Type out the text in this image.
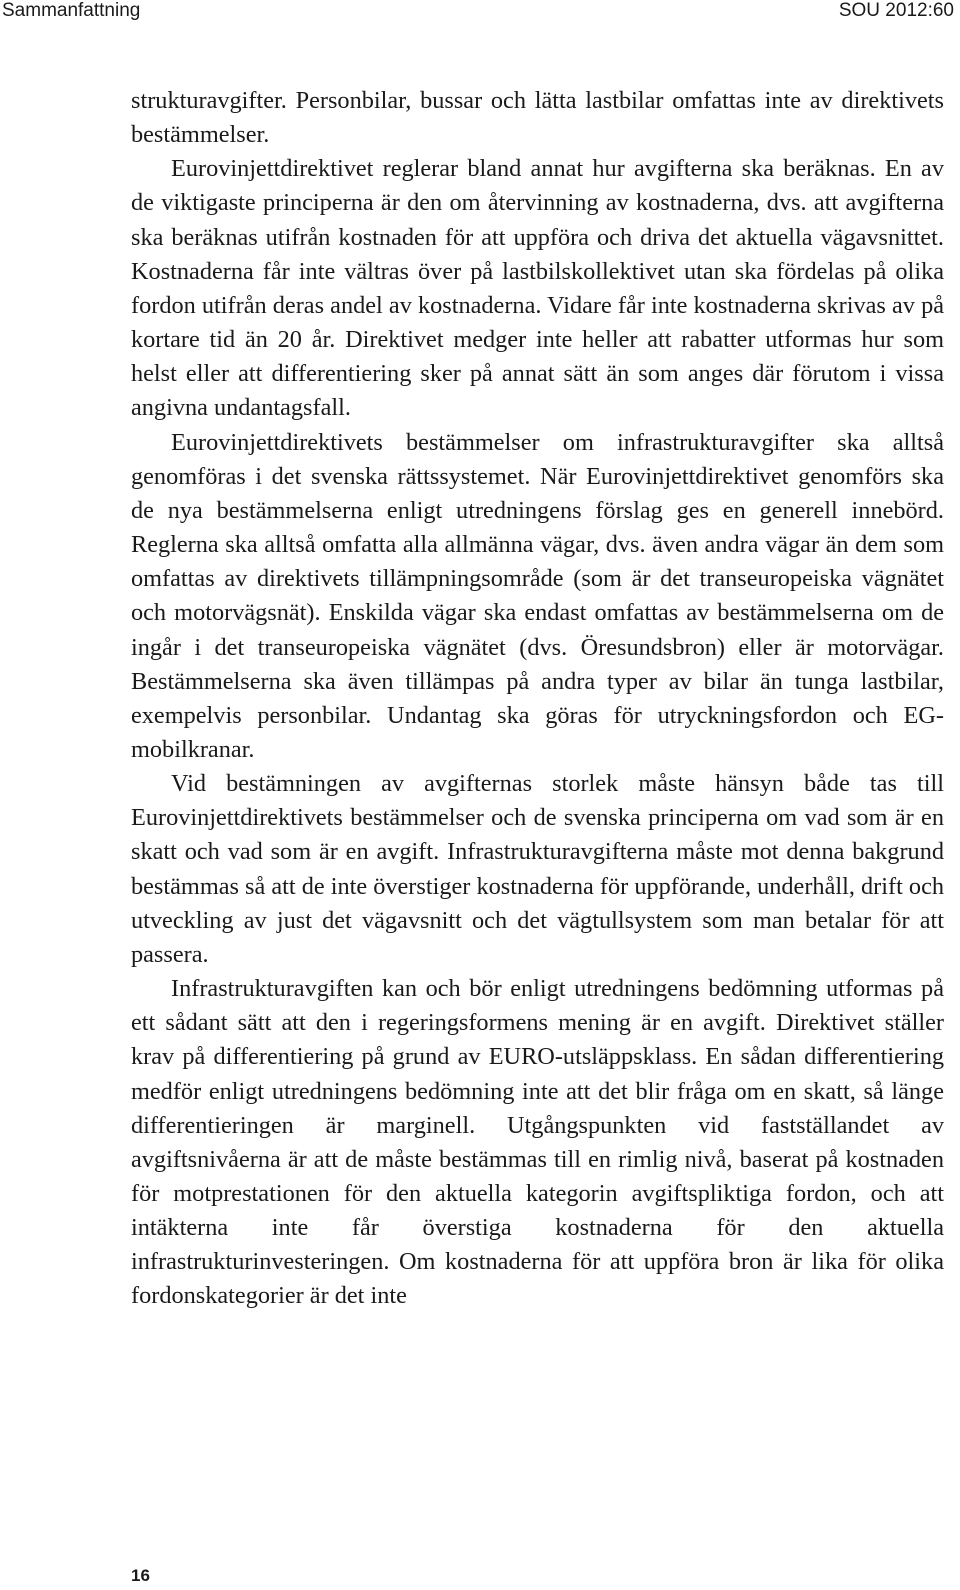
Sammanfattning	SOU 2012:60

strukturavgifter. Personbilar, bussar och lätta lastbilar omfattas inte av direktivets bestämmelser.

Eurovinjettdirektivet reglerar bland annat hur avgifterna ska beräknas. En av de viktigaste principerna är den om återvinning av kostnaderna, dvs. att avgifterna ska beräknas utifrån kostnaden för att uppföra och driva det aktuella vägavsnittet. Kostnaderna får inte vältras över på lastbilskollektivet utan ska fördelas på olika fordon utifrån deras andel av kostnaderna. Vidare får inte kostnaderna skrivas av på kortare tid än 20 år. Direktivet medger inte heller att rabatter utformas hur som helst eller att differentiering sker på annat sätt än som anges där förutom i vissa angivna undantagsfall.

Eurovinjettdirektivets bestämmelser om infrastrukturavgifter ska alltså genomföras i det svenska rättssystemet. När Eurovinjettdirektivet genomförs ska de nya bestämmelserna enligt utredningens förslag ges en generell innebörd. Reglerna ska alltså omfatta alla allmänna vägar, dvs. även andra vägar än dem som omfattas av direktivets tillämpningsområde (som är det transeuropeiska vägnätet och motorvägsnät). Enskilda vägar ska endast omfattas av bestämmelserna om de ingår i det transeuropeiska vägnätet (dvs. Öresundsbron) eller är motorvägar. Bestämmelserna ska även tillämpas på andra typer av bilar än tunga lastbilar, exempelvis personbilar. Undantag ska göras för utryckningsfordon och EG-mobilkranar.

Vid bestämningen av avgifternas storlek måste hänsyn både tas till Eurovinjettdirektivets bestämmelser och de svenska principerna om vad som är en skatt och vad som är en avgift. Infrastrukturavgifterna måste mot denna bakgrund bestämmas så att de inte överstiger kostnaderna för uppförande, underhåll, drift och utveckling av just det vägavsnitt och det vägtullsystem som man betalar för att passera.

Infrastrukturavgiften kan och bör enligt utredningens bedömning utformas på ett sådant sätt att den i regeringsformens mening är en avgift. Direktivet ställer krav på differentiering på grund av EURO-utsläppsklass. En sådan differentiering medför enligt utredningens bedömning inte att det blir fråga om en skatt, så länge differentieringen är marginell. Utgångspunkten vid fastställandet av avgiftsnivåerna är att de måste bestämmas till en rimlig nivå, baserat på kostnaden för motprestationen för den aktuella kategorin avgiftspliktiga fordon, och att intäkterna inte får överstiga kostnaderna för den aktuella infrastrukturinvesteringen. Om kostnaderna för att uppföra bron är lika för olika fordonskategorier är det inte

16
